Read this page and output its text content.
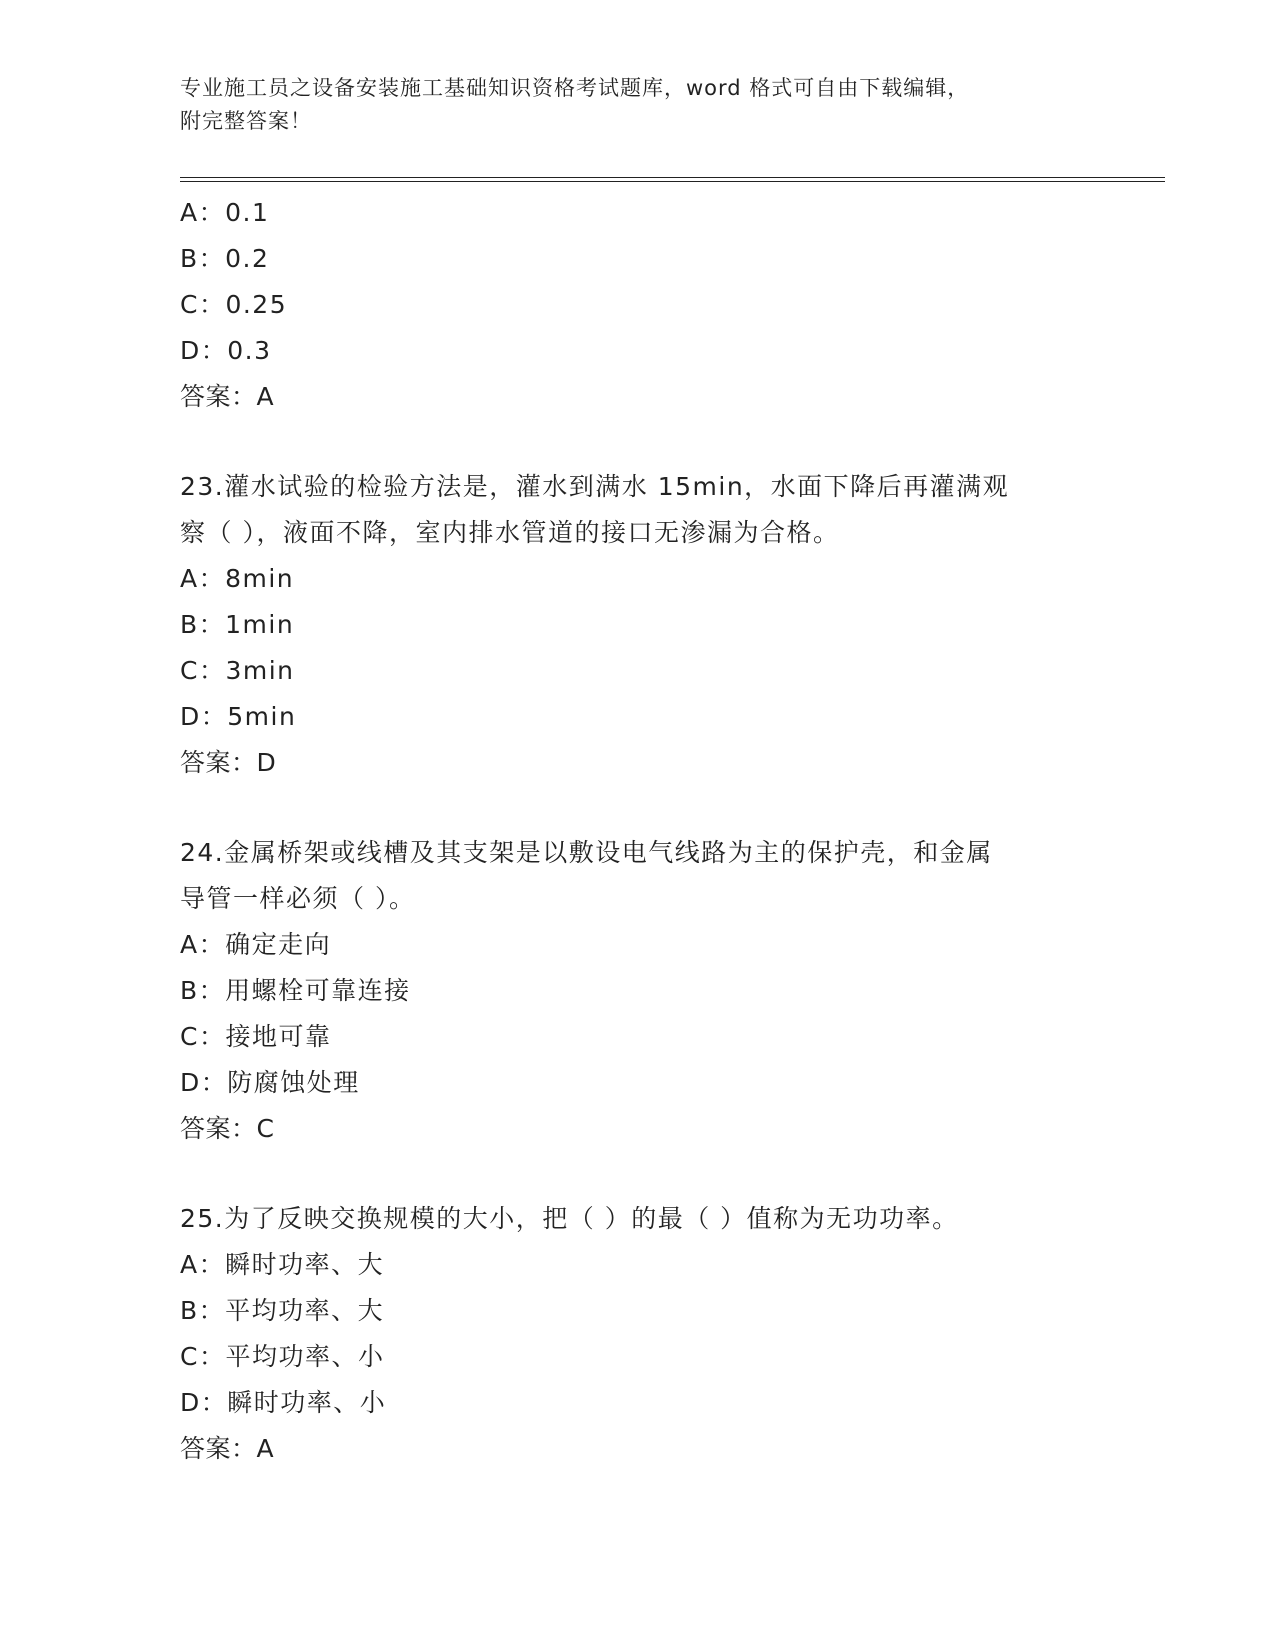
专业施工员之设备安装施工基础知识资格考试题库，word 格式可自由下载编辑，
附完整答案！
A：0.1
B：0.2
C：0.25
D：0.3
答案：A
23.灌水试验的检验方法是，灌水到满水 15min，水面下降后再灌满观
察（ ），液面不降，室内排水管道的接口无渗漏为合格。
A：8min
B：1min
C：3min
D：5min
答案：D
24.金属桥架或线槽及其支架是以敷设电气线路为主的保护壳，和金属
导管一样必须（ ）。
A：确定走向
B：用螺栓可靠连接
C：接地可靠
D：防腐蚀处理
答案：C
25.为了反映交换规模的大小，把（ ）的最（ ）值称为无功功率。
A：瞬时功率、大
B：平均功率、大
C：平均功率、小
D：瞬时功率、小
答案：A
